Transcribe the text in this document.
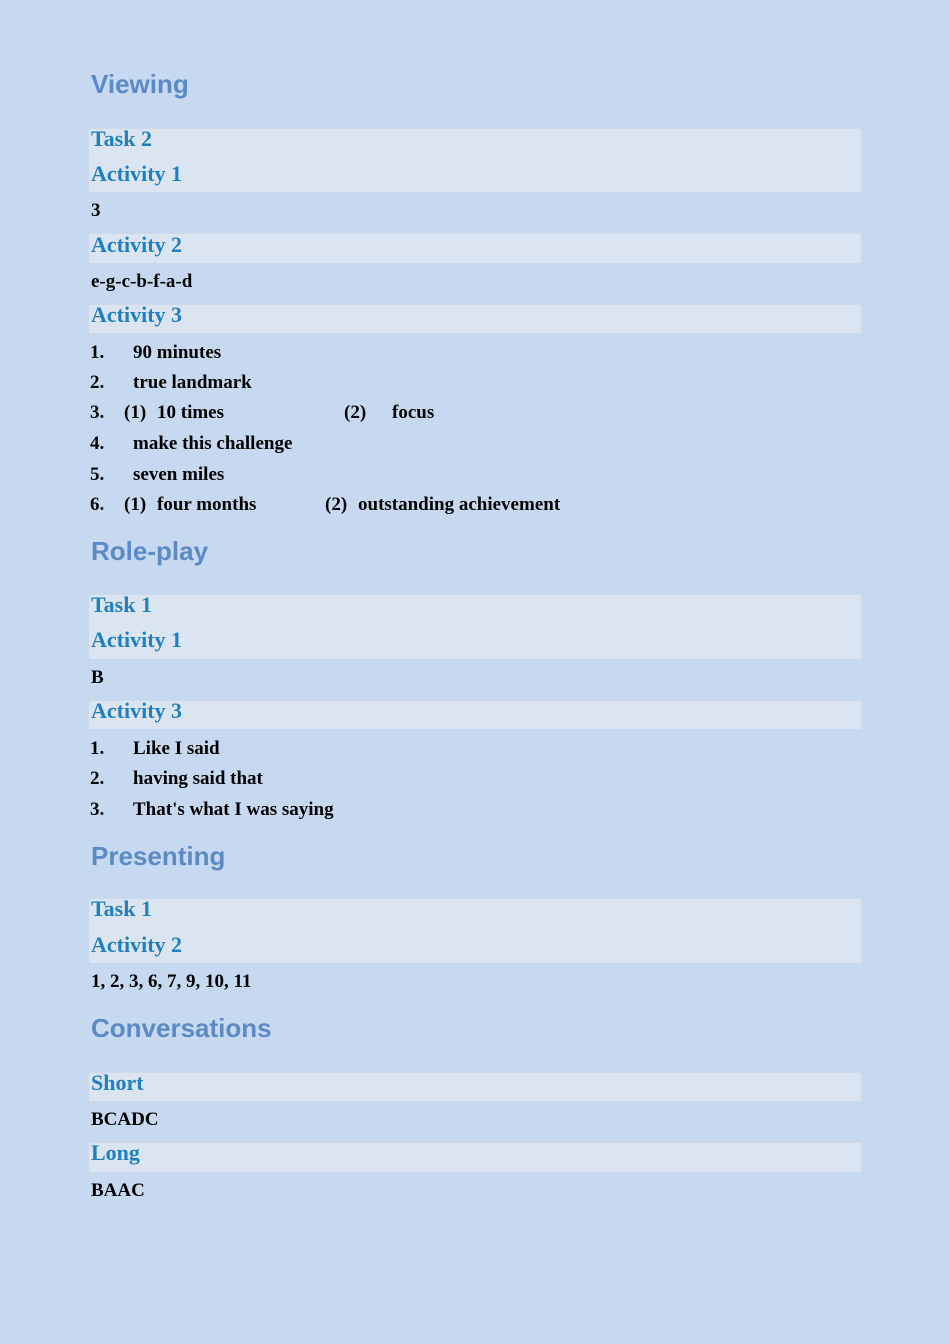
Viewing
Task 2
Activity 1
3
Activity 2
e-g-c-b-f-a-d
Activity 3
1. 90 minutes
2. true landmark
3. (1) 10 times	(2) focus
4. make this challenge
5. seven miles
6. (1) four months	(2) outstanding achievement
Role-play
Task 1
Activity 1
B
Activity 3
1. Like I said
2. having said that
3. That's what I was saying
Presenting
Task 1
Activity 2
1, 2, 3, 6, 7, 9, 10, 11
Conversations
Short
BCADC
Long
BAAC
